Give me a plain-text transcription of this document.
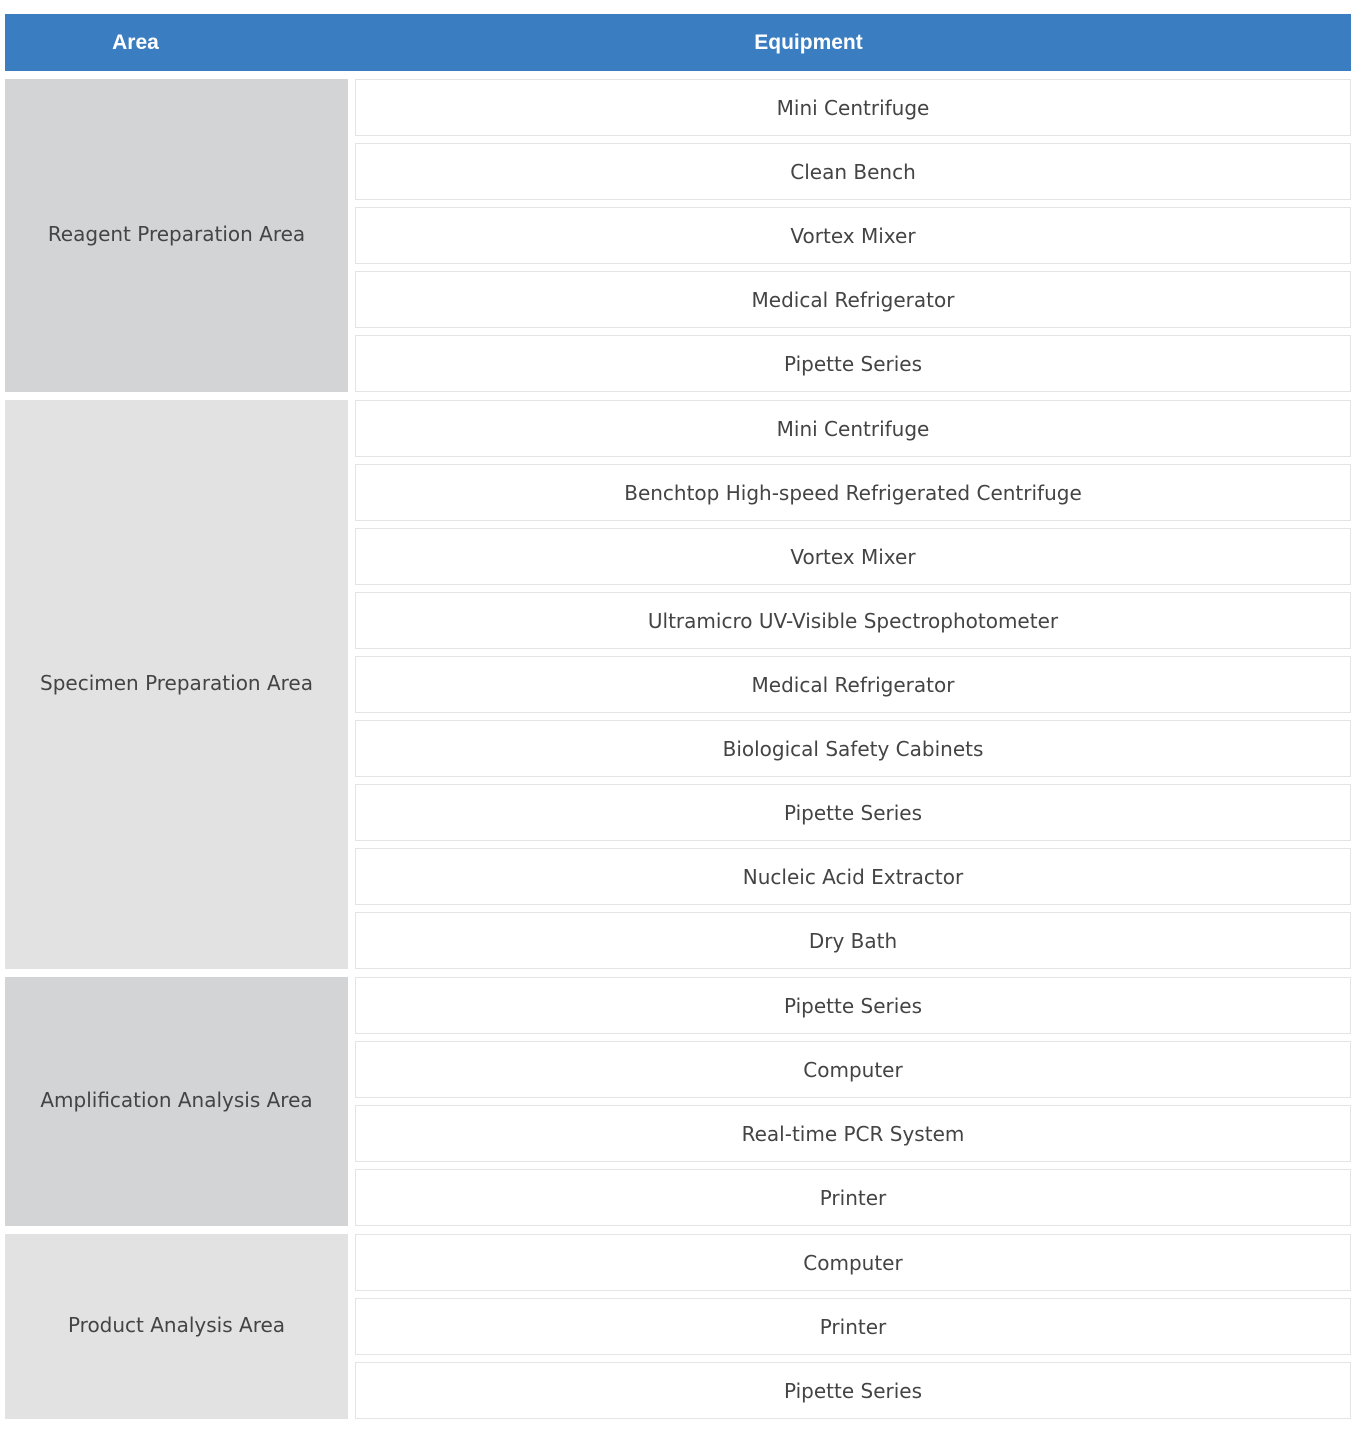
Area	Equipment
Reagent Preparation Area
Mini Centrifuge
Clean Bench
Vortex Mixer
Medical Refrigerator
Pipette Series
Specimen Preparation Area
Mini Centrifuge
Benchtop High-speed Refrigerated Centrifuge
Vortex Mixer
Ultramicro UV-Visible Spectrophotometer
Medical Refrigerator
Biological Safety Cabinets
Pipette Series
Nucleic Acid Extractor
Dry Bath
Amplification Analysis Area
Pipette Series
Computer
Real-time PCR System
Printer
Product Analysis Area
Computer
Printer
Pipette Series
